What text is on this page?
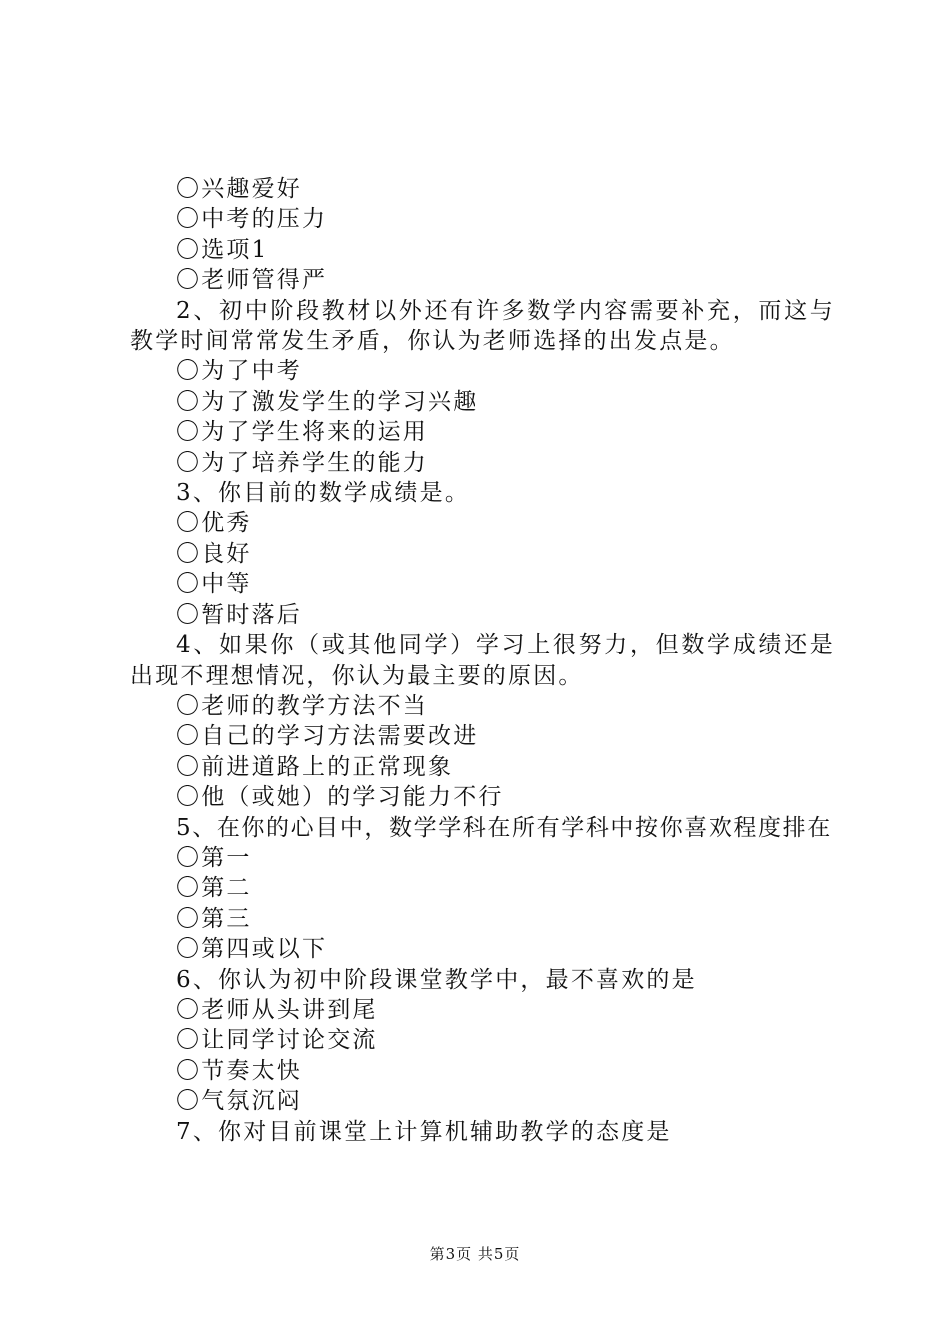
〇兴趣爱好
〇中考的压力
〇选项1
〇老师管得严
2、初中阶段教材以外还有许多数学内容需要补充，而这与教学时间常常发生矛盾，你认为老师选择的出发点是。
〇为了中考
〇为了激发学生的学习兴趣
〇为了学生将来的运用
〇为了培养学生的能力
3、你目前的数学成绩是。
〇优秀
〇良好
〇中等
〇暂时落后
4、如果你（或其他同学）学习上很努力，但数学成绩还是出现不理想情况，你认为最主要的原因。
〇老师的教学方法不当
〇自己的学习方法需要改进
〇前进道路上的正常现象
〇他（或她）的学习能力不行
5、在你的心目中，数学学科在所有学科中按你喜欢程度排在
〇第一
〇第二
〇第三
〇第四或以下
6、你认为初中阶段课堂教学中，最不喜欢的是
〇老师从头讲到尾
〇让同学讨论交流
〇节奏太快
〇气氛沉闷
7、你对目前课堂上计算机辅助教学的态度是
第3页 共5页
